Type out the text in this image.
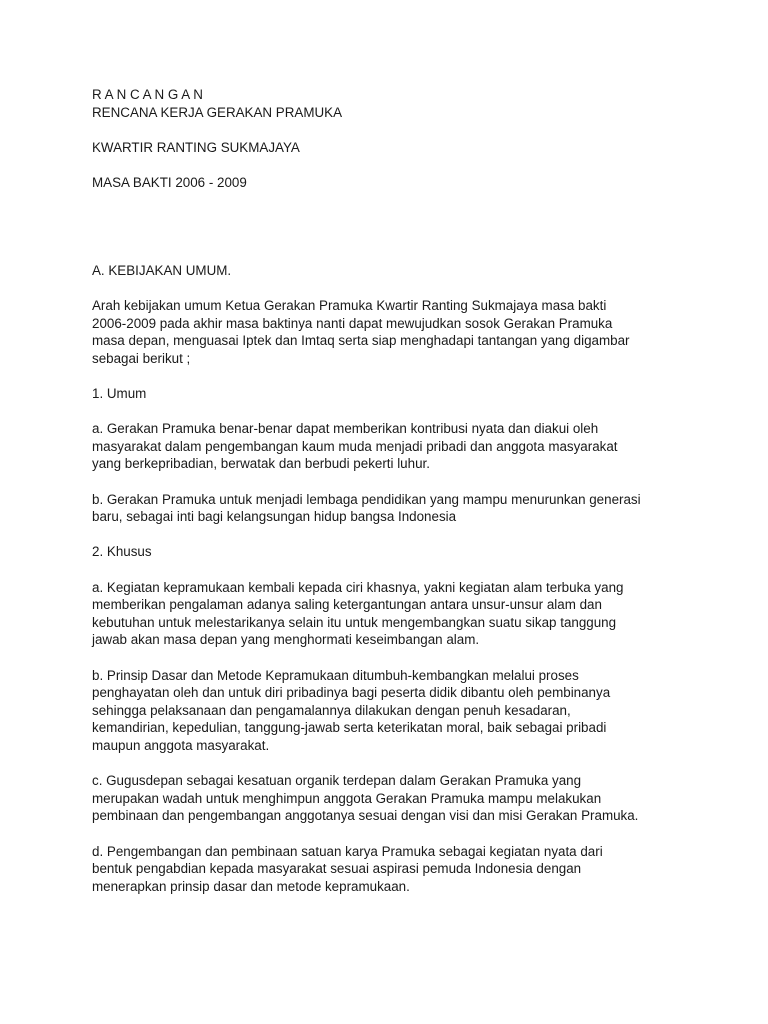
R A N C A N G A N
RENCANA KERJA GERAKAN PRAMUKA
KWARTIR RANTING SUKMAJAYA
MASA BAKTI 2006 - 2009
A. KEBIJAKAN UMUM.
Arah kebijakan umum Ketua Gerakan Pramuka Kwartir Ranting Sukmajaya masa bakti
2006-2009 pada akhir masa baktinya nanti dapat mewujudkan sosok Gerakan Pramuka
masa depan, menguasai Iptek dan Imtaq serta siap menghadapi tantangan yang digambar
sebagai berikut ;
1. Umum
a. Gerakan Pramuka benar-benar dapat memberikan kontribusi nyata dan diakui oleh
masyarakat dalam pengembangan kaum muda menjadi pribadi dan anggota masyarakat
yang berkepribadian, berwatak dan berbudi pekerti luhur.
b. Gerakan Pramuka untuk menjadi lembaga pendidikan yang mampu menurunkan generasi
baru, sebagai inti bagi kelangsungan hidup bangsa Indonesia
2. Khusus
a. Kegiatan kepramukaan kembali kepada ciri khasnya, yakni kegiatan alam terbuka yang
memberikan pengalaman adanya saling ketergantungan antara unsur-unsur alam dan
kebutuhan untuk melestarikanya selain itu untuk mengembangkan suatu sikap tanggung
jawab akan masa depan yang menghormati keseimbangan alam.
b. Prinsip Dasar dan Metode Kepramukaan ditumbuh-kembangkan melalui proses
penghayatan oleh dan untuk diri pribadinya bagi peserta didik dibantu oleh pembinanya
sehingga pelaksanaan dan pengamalannya dilakukan dengan penuh kesadaran,
kemandirian, kepedulian, tanggung-jawab serta keterikatan moral, baik sebagai pribadi
maupun anggota masyarakat.
c. Gugusdepan sebagai kesatuan organik terdepan dalam Gerakan Pramuka yang
merupakan wadah untuk menghimpun anggota Gerakan Pramuka mampu melakukan
pembinaan dan pengembangan anggotanya sesuai dengan visi dan misi Gerakan Pramuka.
d. Pengembangan dan pembinaan satuan karya Pramuka sebagai kegiatan nyata dari
bentuk pengabdian kepada masyarakat sesuai aspirasi pemuda Indonesia dengan
menerapkan prinsip dasar dan metode kepramukaan.
